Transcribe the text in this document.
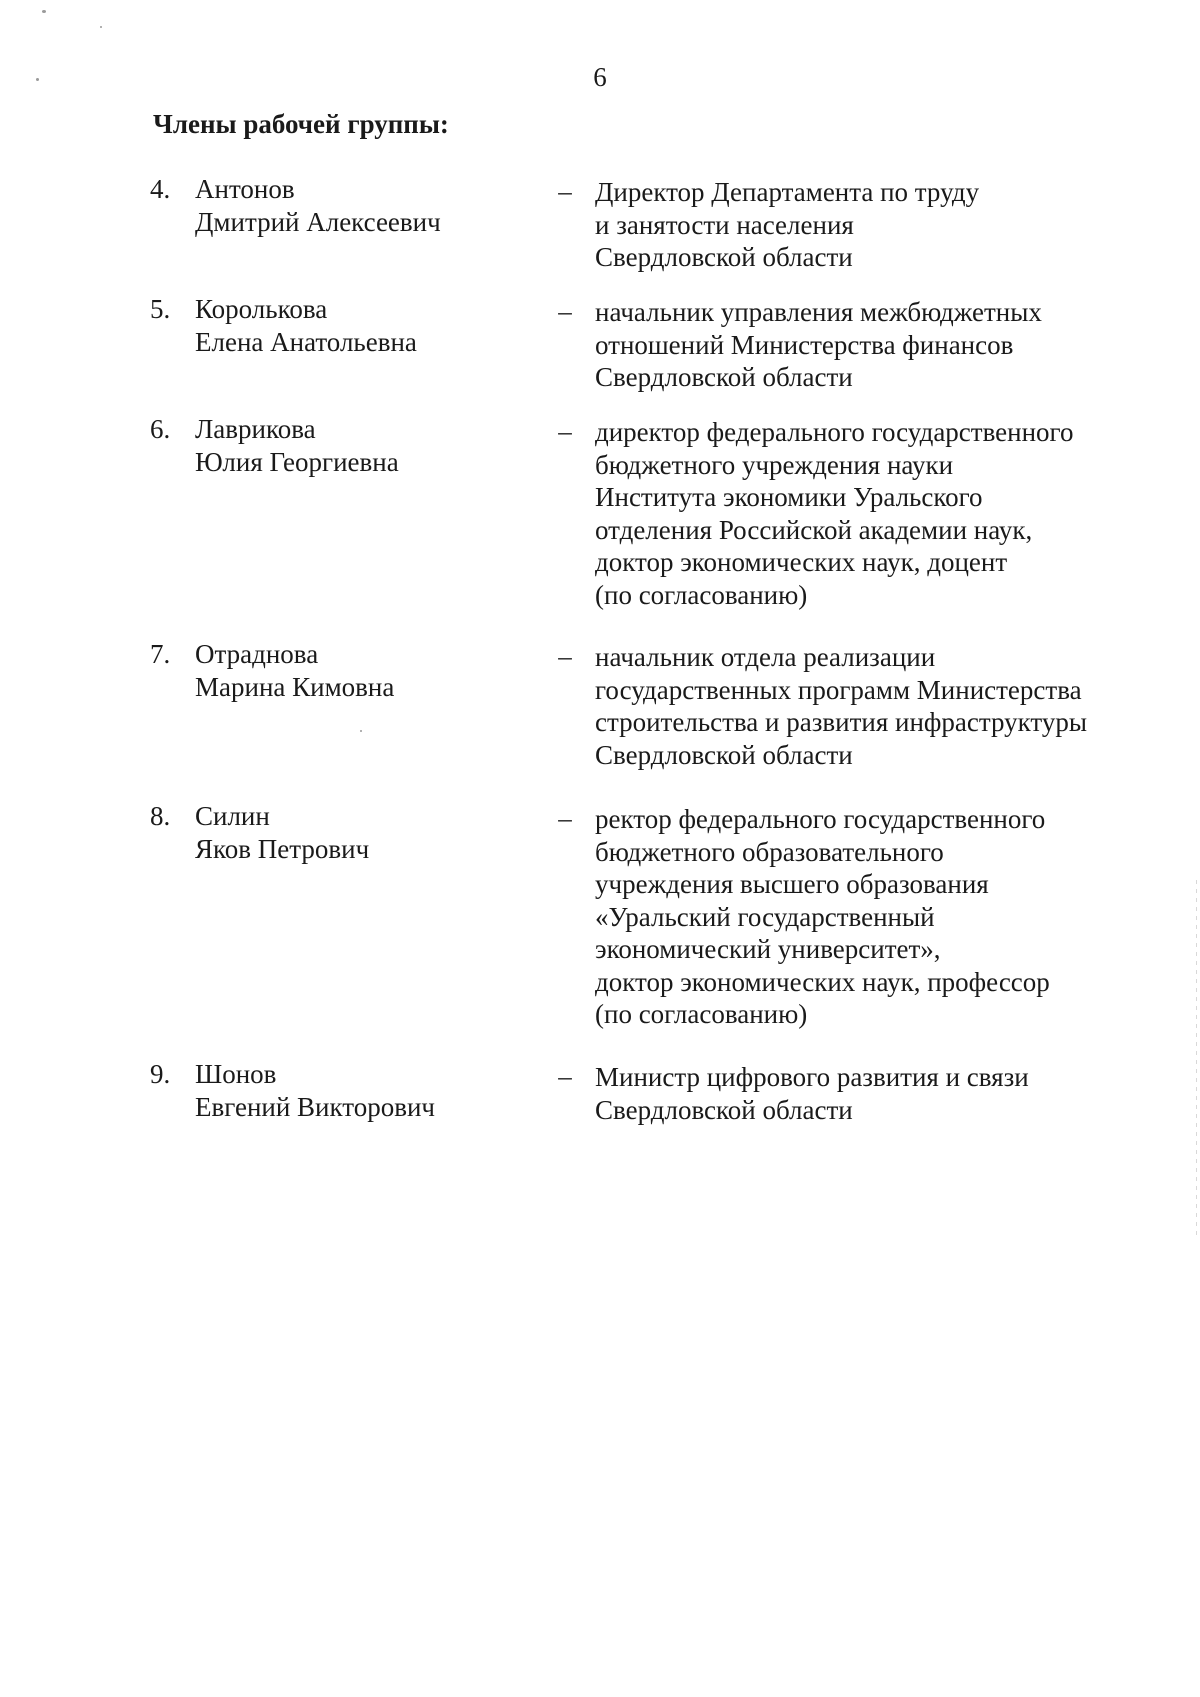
6
Члены рабочей группы:
4. Антонов
Дмитрий Алексеевич
– Директор Департамента по труду
и занятости населения
Свердловской области
5. Королькова
Елена Анатольевна
– начальник управления межбюджетных
отношений Министерства финансов
Свердловской области
6. Лаврикова
Юлия Георгиевна
– директор федерального государственного
бюджетного учреждения науки
Института экономики Уральского
отделения Российской академии наук,
доктор экономических наук, доцент
(по согласованию)
7. Отраднова
Марина Кимовна
– начальник отдела реализации
государственных программ Министерства
строительства и развития инфраструктуры
Свердловской области
8. Силин
Яков Петрович
– ректор федерального государственного
бюджетного образовательного
учреждения высшего образования
«Уральский государственный
экономический университет»,
доктор экономических наук, профессор
(по согласованию)
9. Шонов
Евгений Викторович
– Министр цифрового развития и связи
Свердловской области
